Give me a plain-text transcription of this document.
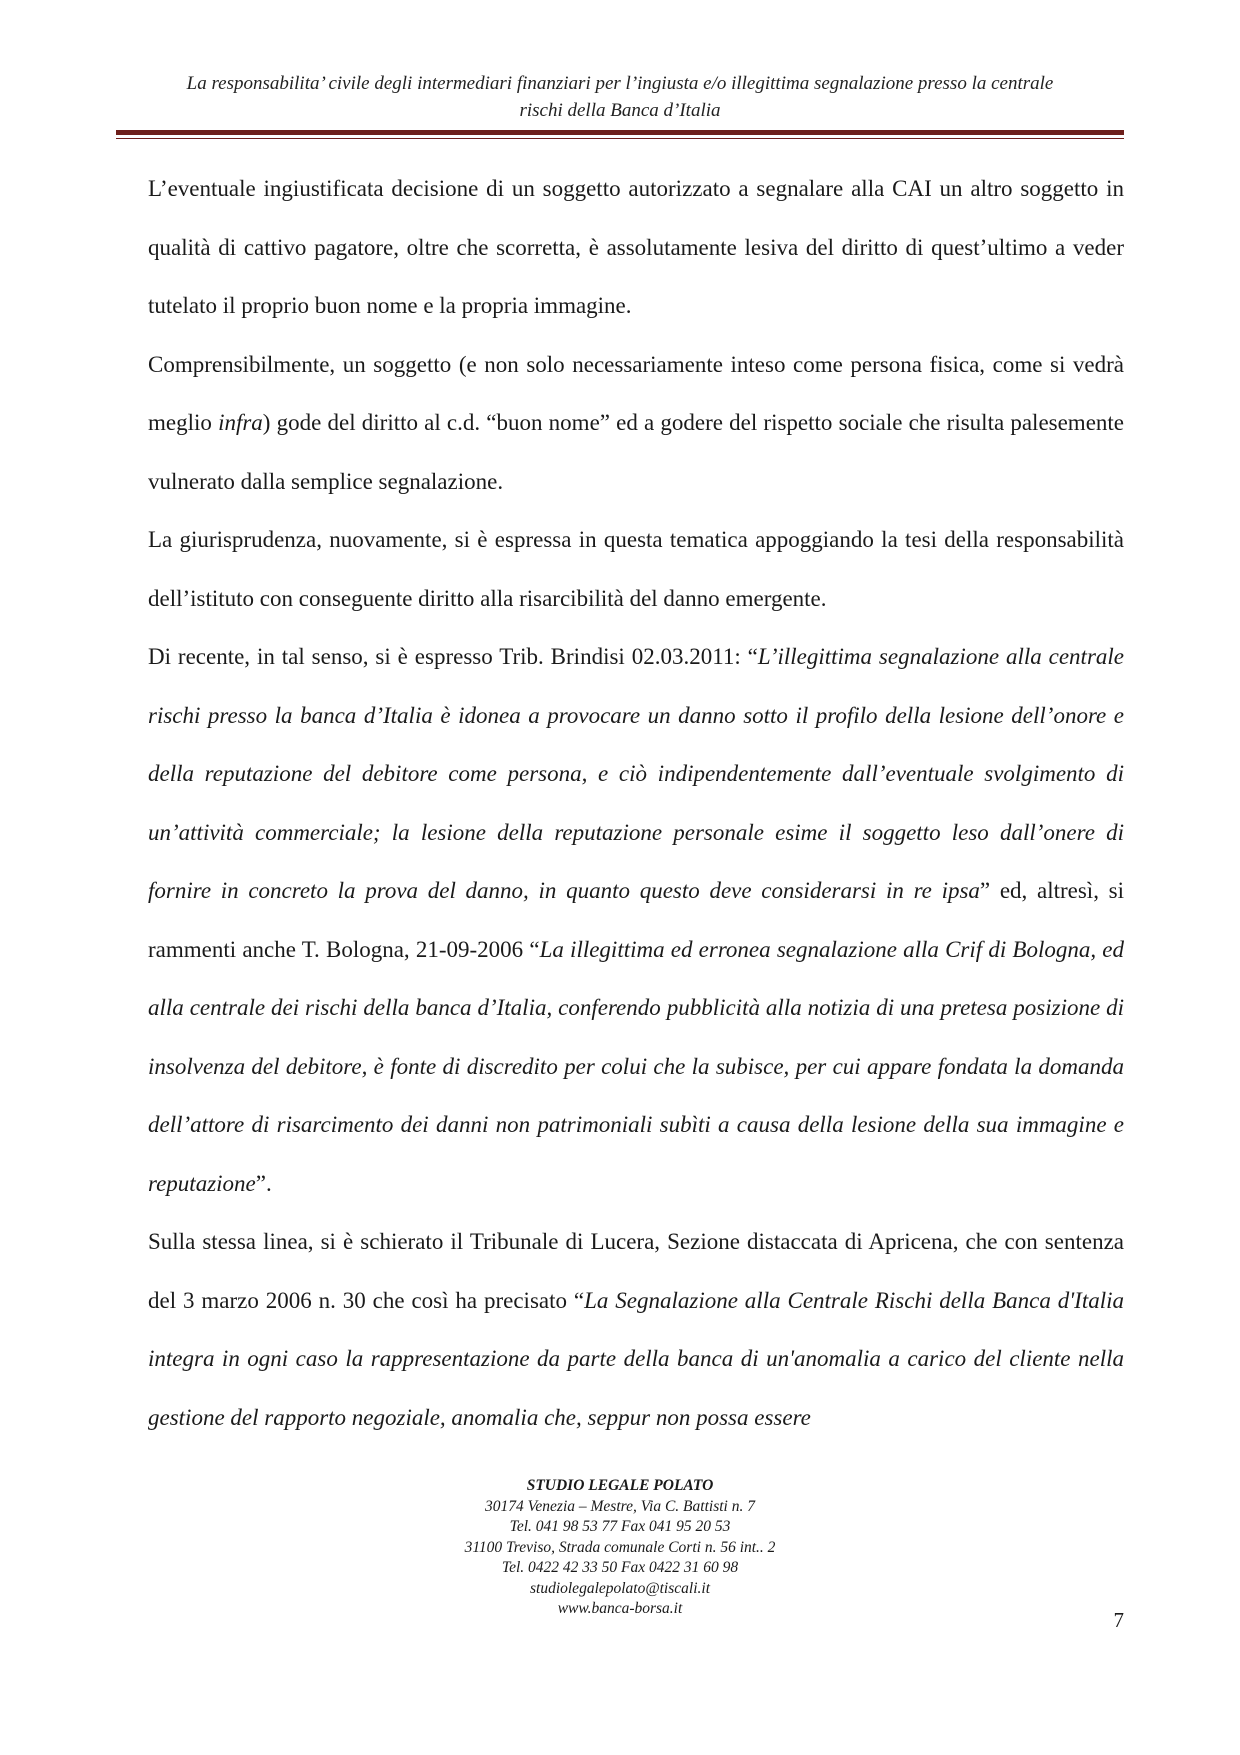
La responsabilita’ civile degli intermediari finanziari per l’ingiusta e/o illegittima segnalazione presso la centrale
rischi della Banca d’Italia

L’eventuale ingiustificata decisione di un soggetto autorizzato a segnalare alla CAI un altro soggetto in qualità di cattivo pagatore, oltre che scorretta, è assolutamente lesiva del diritto di quest’ultimo a veder tutelato il proprio buon nome e la propria immagine.

Comprensibilmente, un soggetto (e non solo necessariamente inteso come persona fisica, come si vedrà meglio infra) gode del diritto al c.d. “buon nome” ed a godere del rispetto sociale che risulta palesemente vulnerato dalla semplice segnalazione.

La giurisprudenza, nuovamente, si è espressa in questa tematica appoggiando la tesi della responsabilità dell’istituto con conseguente diritto alla risarcibilità del danno emergente.

Di recente, in tal senso, si è espresso Trib. Brindisi 02.03.2011: “L’illegittima segnalazione alla centrale rischi presso la banca d’Italia è idonea a provocare un danno sotto il profilo della lesione dell’onore e della reputazione del debitore come persona, e ciò indipendentemente dall’eventuale svolgimento di un’attività commerciale; la lesione della reputazione personale esime il soggetto leso dall’onere di fornire in concreto la prova del danno, in quanto questo deve considerarsi in re ipsa” ed, altresì, si rammenti anche T. Bologna, 21-09-2006 “La illegittima ed erronea segnalazione alla Crif di Bologna, ed alla centrale dei rischi della banca d’Italia, conferendo pubblicità alla notizia di una pretesa posizione di insolvenza del debitore, è fonte di discredito per colui che la subisce, per cui appare fondata la domanda dell’attore di risarcimento dei danni non patrimoniali subìti a causa della lesione della sua immagine e reputazione”.

Sulla stessa linea, si è schierato il Tribunale di Lucera, Sezione distaccata di Apricena, che con sentenza del 3 marzo 2006 n. 30 che così ha precisato “La Segnalazione alla Centrale Rischi della Banca d'Italia integra in ogni caso la rappresentazione da parte della banca di un'anomalia a carico del cliente nella gestione del rapporto negoziale, anomalia che, seppur non possa essere

STUDIO LEGALE POLATO
30174 Venezia – Mestre, Via C. Battisti n. 7
Tel. 041 98 53 77 Fax 041 95 20 53
31100 Treviso, Strada comunale Corti n. 56 int.. 2
Tel. 0422 42 33 50 Fax 0422 31 60 98
studiolegalepolato@tiscali.it
www.banca-borsa.it	7
